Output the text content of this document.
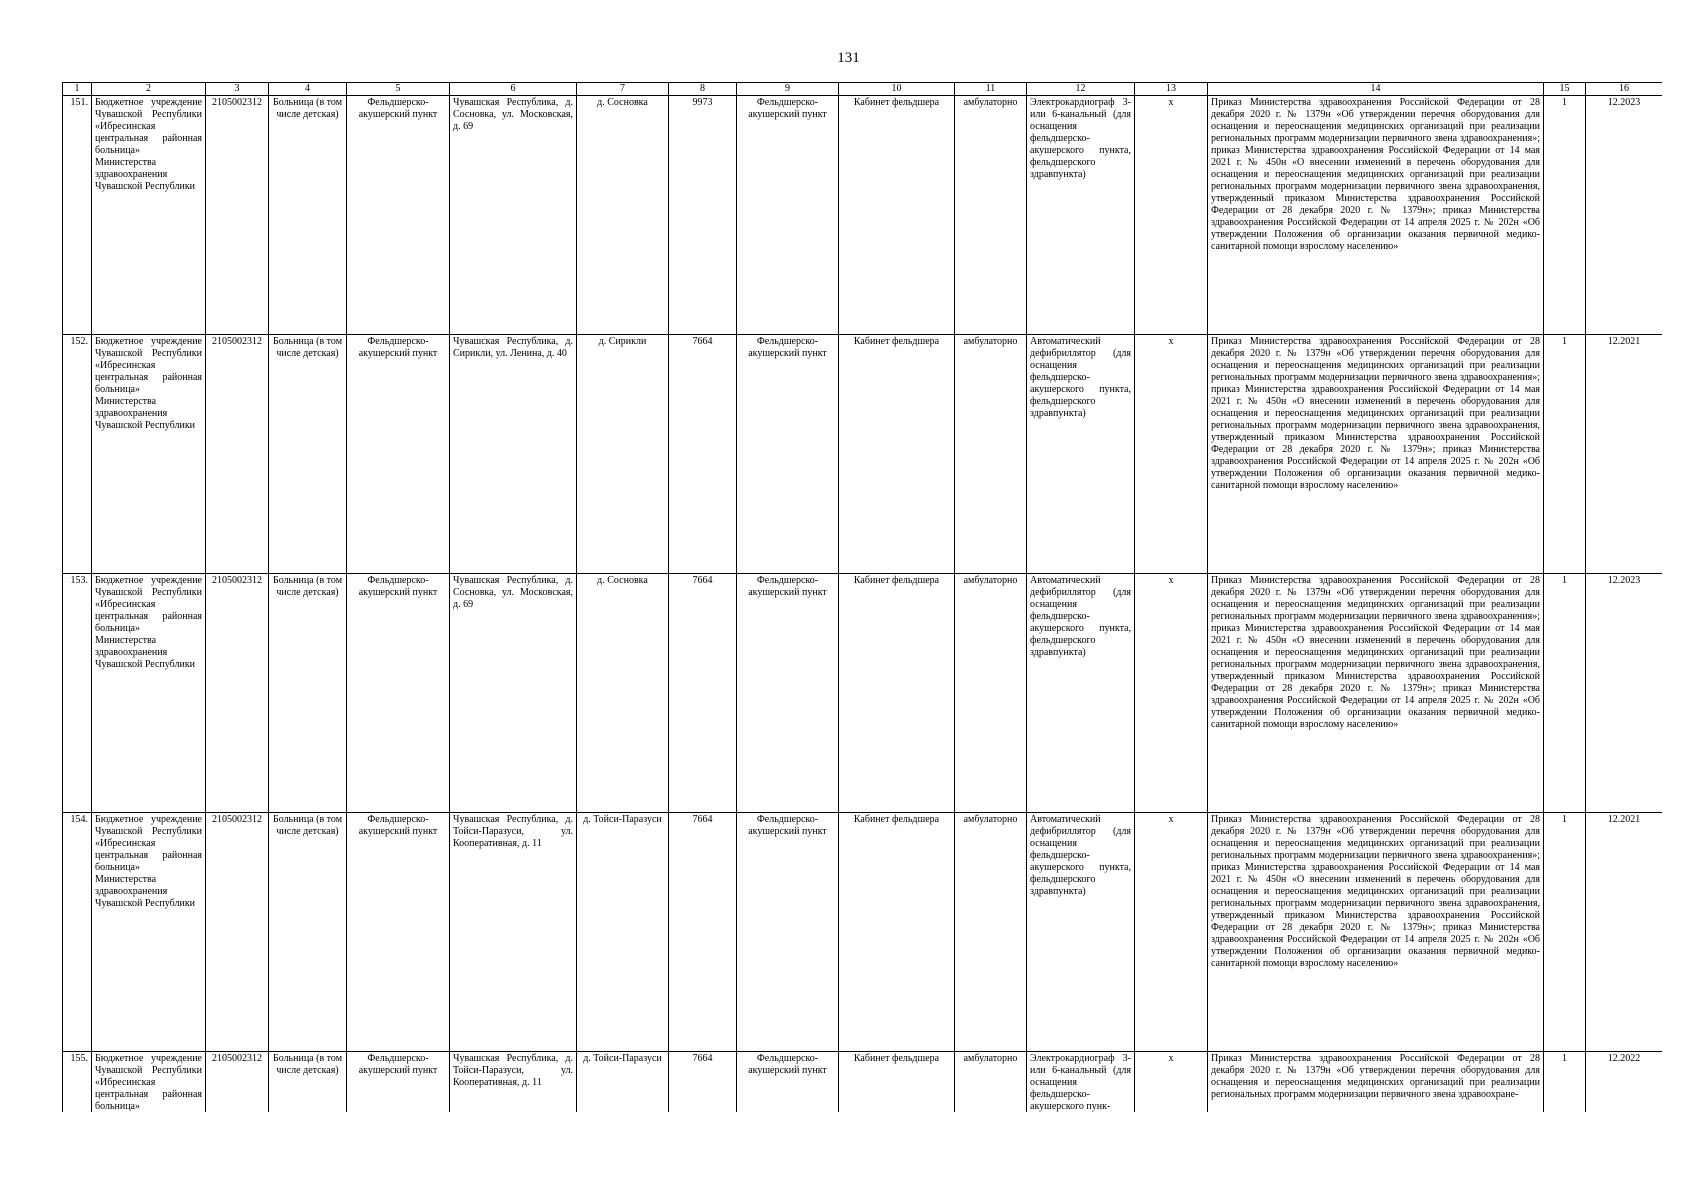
131
1	2	3	4	5	6	7	8	9	10	11	12	13	14	15	16
151.	Бюджетное учреждение Чувашской Республики «Ибресинская центральная районная больница» Министерства здравоохранения Чувашской Республики	2105002312	Больница (в том числе детская)	Фельдшерско-акушерский пункт	Чувашская Республика, д. Сосновка, ул. Московская, д. 69	д. Сосновка	9973	Фельдшерско-акушерский пункт	Кабинет фельдшера	амбулаторно	Электрокардиограф 3- или 6-канальный (для оснащения фельдшерско-акушерского пункта, фельдшерского здравпункта)	х	Приказ Министерства здравоохранения Российской Федерации от 28 декабря 2020 г. № 1379н «Об утверждении перечня оборудования для оснащения и переоснащения медицинских организаций при реализации региональных программ модернизации первичного звена здравоохранения»; приказ Министерства здравоохранения Российской Федерации от 14 мая 2021 г. № 450н «О внесении изменений в перечень оборудования для оснащения и переоснащения медицинских организаций при реализации региональных программ модернизации первичного звена здравоохранения, утвержденный приказом Министерства здравоохранения Российской Федерации от 28 декабря 2020 г. № 1379н»; приказ Министерства здравоохранения Российской Федерации от 14 апреля 2025 г. № 202н «Об утверждении Положения об организации оказания первичной медико-санитарной помощи взрослому населению»	1	12.2023
152.	Бюджетное учреждение Чувашской Республики «Ибресинская центральная районная больница» Министерства здравоохранения Чувашской Республики	2105002312	Больница (в том числе детская)	Фельдшерско-акушерский пункт	Чувашская Республика, д. Сирикли, ул. Ленина, д. 40	д. Сирикли	7664	Фельдшерско-акушерский пункт	Кабинет фельдшера	амбулаторно	Автоматический дефибриллятор (для оснащения фельдшерско-акушерского пункта, фельдшерского здравпункта)	х	Приказ Министерства здравоохранения Российской Федерации от 28 декабря 2020 г. № 1379н «Об утверждении перечня оборудования для оснащения и переоснащения медицинских организаций при реализации региональных программ модернизации первичного звена здравоохранения»; приказ Министерства здравоохранения Российской Федерации от 14 мая 2021 г. № 450н «О внесении изменений в перечень оборудования для оснащения и переоснащения медицинских организаций при реализации региональных программ модернизации первичного звена здравоохранения, утвержденный приказом Министерства здравоохранения Российской Федерации от 28 декабря 2020 г. № 1379н»; приказ Министерства здравоохранения Российской Федерации от 14 апреля 2025 г. № 202н «Об утверждении Положения об организации оказания первичной медико-санитарной помощи взрослому населению»	1	12.2021
153.	Бюджетное учреждение Чувашской Республики «Ибресинская центральная районная больница» Министерства здравоохранения Чувашской Республики	2105002312	Больница (в том числе детская)	Фельдшерско-акушерский пункт	Чувашская Республика, д. Сосновка, ул. Московская, д. 69	д. Сосновка	7664	Фельдшерско-акушерский пункт	Кабинет фельдшера	амбулаторно	Автоматический дефибриллятор (для оснащения фельдшерско-акушерского пункта, фельдшерского здравпункта)	х	Приказ Министерства здравоохранения Российской Федерации от 28 декабря 2020 г. № 1379н «Об утверждении перечня оборудования для оснащения и переоснащения медицинских организаций при реализации региональных программ модернизации первичного звена здравоохранения»; приказ Министерства здравоохранения Российской Федерации от 14 мая 2021 г. № 450н «О внесении изменений в перечень оборудования для оснащения и переоснащения медицинских организаций при реализации региональных программ модернизации первичного звена здравоохранения, утвержденный приказом Министерства здравоохранения Российской Федерации от 28 декабря 2020 г. № 1379н»; приказ Министерства здравоохранения Российской Федерации от 14 апреля 2025 г. № 202н «Об утверждении Положения об организации оказания первичной медико-санитарной помощи взрослому населению»	1	12.2023
154.	Бюджетное учреждение Чувашской Республики «Ибресинская центральная районная больница» Министерства здравоохранения Чувашской Республики	2105002312	Больница (в том числе детская)	Фельдшерско-акушерский пункт	Чувашская Республика, д. Тойси-Паразуси, ул. Кооперативная, д. 11	д. Тойси-Паразуси	7664	Фельдшерско-акушерский пункт	Кабинет фельдшера	амбулаторно	Автоматический дефибриллятор (для оснащения фельдшерско-акушерского пункта, фельдшерского здравпункта)	х	Приказ Министерства здравоохранения Российской Федерации от 28 декабря 2020 г. № 1379н «Об утверждении перечня оборудования для оснащения и переоснащения медицинских организаций при реализации региональных программ модернизации первичного звена здравоохранения»; приказ Министерства здравоохранения Российской Федерации от 14 мая 2021 г. № 450н «О внесении изменений в перечень оборудования для оснащения и переоснащения медицинских организаций при реализации региональных программ модернизации первичного звена здравоохранения, утвержденный приказом Министерства здравоохранения Российской Федерации от 28 декабря 2020 г. № 1379н»; приказ Министерства здравоохранения Российской Федерации от 14 апреля 2025 г. № 202н «Об утверждении Положения об организации оказания первичной медико-санитарной помощи взрослому населению»	1	12.2021
155.	Бюджетное учреждение Чувашской Республики «Ибресинская центральная районная больница»	2105002312	Больница (в том числе детская)	Фельдшерско-акушерский пункт	Чувашская Республика, д. Тойси-Паразуси, ул. Кооперативная, д. 11	д. Тойси-Паразуси	7664	Фельдшерско-акушерский пункт	Кабинет фельдшера	амбулаторно	Электрокардиограф 3- или 6-канальный (для оснащения фельдшерско-акушерского пунк-	х	Приказ Министерства здравоохранения Российской Федерации от 28 декабря 2020 г. № 1379н «Об утверждении перечня оборудования для оснащения и переоснащения медицинских организаций при реализации региональных программ модернизации первичного звена здравоохране-	1	12.2022
